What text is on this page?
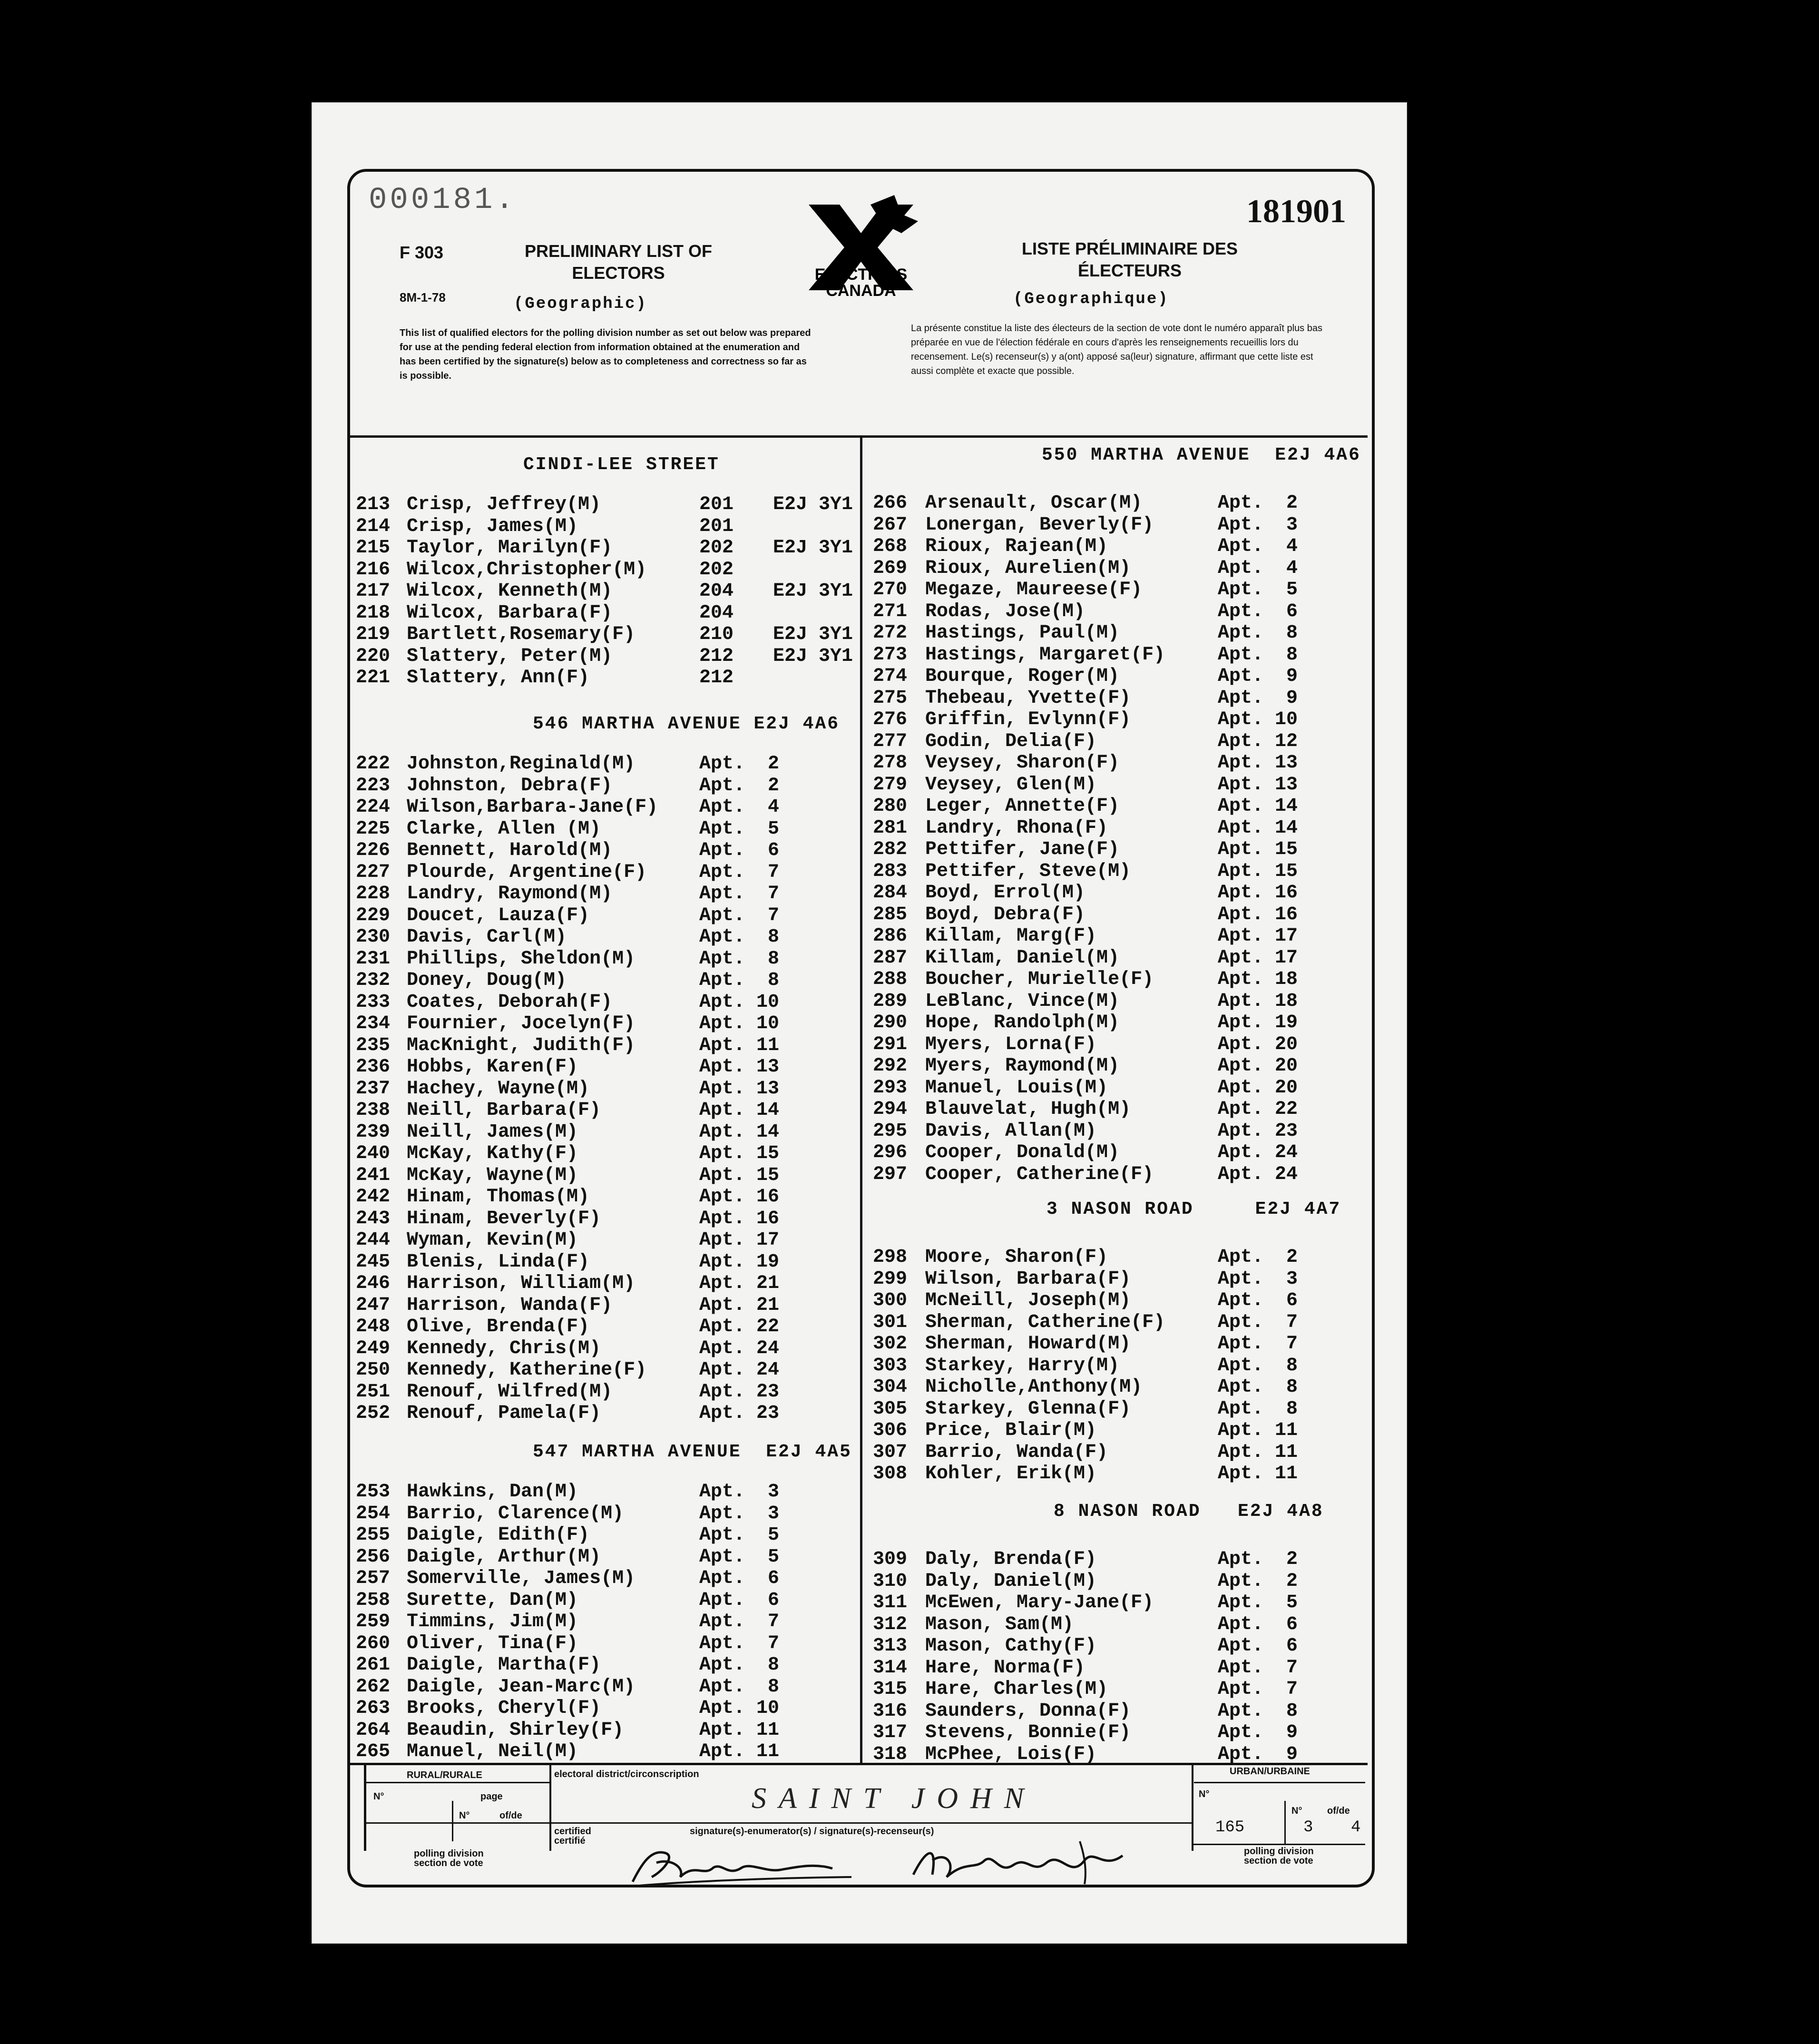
000181.	181901
F 303
8M-1-78
PRELIMINARY LIST OF ELECTORS
(Geographic)
LISTE PRÉLIMINAIRE DES ÉLECTEURS
(Geographique)
This list of qualified electors for the polling division number as set out below was prepared for use at the pending federal election from information obtained at the enumeration and has been certified by the signature(s) below as to completeness and correctness so far as is possible.
La présente constitue la liste des électeurs de la section de vote dont le numéro apparaît plus bas préparée en vue de l'élection fédérale en cours d'après les renseignements recueillis lors du recensement. Le(s) recenseur(s) y a(ont) apposé sa(leur) signature, affirmant que cette liste est aussi complète et exacte que possible.
ELECTIONS CANADA
CINDI-LEE STREET
213 Crisp, Jeffrey(M)	201 E2J 3Y1
214 Crisp, James(M)	201
215 Taylor, Marilyn(F)	202 E2J 3Y1
216 Wilcox,Christopher(M)	202
217 Wilcox, Kenneth(M)	204 E2J 3Y1
218 Wilcox, Barbara(F)	204
219 Bartlett,Rosemary(F)	210 E2J 3Y1
220 Slattery, Peter(M)	212 E2J 3Y1
221 Slattery, Ann(F)	212
546 MARTHA AVENUE E2J 4A6
222 Johnston,Reginald(M)	Apt.  2
223 Johnston, Debra(F)	Apt.  2
224 Wilson,Barbara-Jane(F) Apt.  4
225 Clarke, Allen (M)	Apt.  5
226 Bennett, Harold(M)	Apt.  6
227 Plourde, Argentine(F)	Apt.  7
228 Landry, Raymond(M)	Apt.  7
229 Doucet, Lauza(F)	Apt.  7
230 Davis, Carl(M)	Apt.  8
231 Phillips, Sheldon(M)	Apt.  8
232 Doney, Doug(M)	Apt.  8
233 Coates, Deborah(F)	Apt. 10
234 Fournier, Jocelyn(F)	Apt. 10
235 MacKnight, Judith(F)	Apt. 11
236 Hobbs, Karen(F)	Apt. 13
237 Hachey, Wayne(M)	Apt. 13
238 Neill, Barbara(F)	Apt. 14
239 Neill, James(M)	Apt. 14
240 McKay, Kathy(F)	Apt. 15
241 McKay, Wayne(M)	Apt. 15
242 Hinam, Thomas(M)	Apt. 16
243 Hinam, Beverly(F)	Apt. 16
244 Wyman, Kevin(M)	Apt. 17
245 Blenis, Linda(F)	Apt. 19
246 Harrison, William(M)	Apt. 21
247 Harrison, Wanda(F)	Apt. 21
248 Olive, Brenda(F)	Apt. 22
249 Kennedy, Chris(M)	Apt. 24
250 Kennedy, Katherine(F)	Apt. 24
251 Renouf, Wilfred(M)	Apt. 23
252 Renouf, Pamela(F)	Apt. 23
547 MARTHA AVENUE  E2J 4A5
253 Hawkins, Dan(M)	Apt.  3
254 Barrio, Clarence(M)	Apt.  3
255 Daigle, Edith(F)	Apt.  5
256 Daigle, Arthur(M)	Apt.  5
257 Somerville, James(M)	Apt.  6
258 Surette, Dan(M)	Apt.  6
259 Timmins, Jim(M)	Apt.  7
260 Oliver, Tina(F)	Apt.  7
261 Daigle, Martha(F)	Apt.  8
262 Daigle, Jean-Marc(M)	Apt.  8
263 Brooks, Cheryl(F)	Apt. 10
264 Beaudin, Shirley(F)	Apt. 11
265 Manuel, Neil(M)	Apt. 11
550 MARTHA AVENUE  E2J 4A6
266 Arsenault, Oscar(M)	Apt.  2
267 Lonergan, Beverly(F)	Apt.  3
268 Rioux, Rajean(M)	Apt.  4
269 Rioux, Aurelien(M)	Apt.  4
270 Megaze, Maureese(F)	Apt.  5
271 Rodas, Jose(M)	Apt.  6
272 Hastings, Paul(M)	Apt.  8
273 Hastings, Margaret(F)	Apt.  8
274 Bourque, Roger(M)	Apt.  9
275 Thebeau, Yvette(F)	Apt.  9
276 Griffin, Evlynn(F)	Apt. 10
277 Godin, Delia(F)	Apt. 12
278 Veysey, Sharon(F)	Apt. 13
279 Veysey, Glen(M)	Apt. 13
280 Leger, Annette(F)	Apt. 14
281 Landry, Rhona(F)	Apt. 14
282 Pettifer, Jane(F)	Apt. 15
283 Pettifer, Steve(M)	Apt. 15
284 Boyd, Errol(M)	Apt. 16
285 Boyd, Debra(F)	Apt. 16
286 Killam, Marg(F)	Apt. 17
287 Killam, Daniel(M)	Apt. 17
288 Boucher, Murielle(F)	Apt. 18
289 LeBlanc, Vince(M)	Apt. 18
290 Hope, Randolph(M)	Apt. 19
291 Myers, Lorna(F)	Apt. 20
292 Myers, Raymond(M)	Apt. 20
293 Manuel, Louis(M)	Apt. 20
294 Blauvelat, Hugh(M)	Apt. 22
295 Davis, Allan(M)	Apt. 23
296 Cooper, Donald(M)	Apt. 24
297 Cooper, Catherine(F)	Apt. 24
3 NASON ROAD     E2J 4A7
298 Moore, Sharon(F)	Apt.  2
299 Wilson, Barbara(F)	Apt.  3
300 McNeill, Joseph(M)	Apt.  6
301 Sherman, Catherine(F)	Apt.  7
302 Sherman, Howard(M)	Apt.  7
303 Starkey, Harry(M)	Apt.  8
304 Nicholle,Anthony(M)	Apt.  8
305 Starkey, Glenna(F)	Apt.  8
306 Price, Blair(M)	Apt. 11
307 Barrio, Wanda(F)	Apt. 11
308 Kohler, Erik(M)	Apt. 11
8 NASON ROAD   E2J 4A8
309 Daly, Brenda(F)	Apt.  2
310 Daly, Daniel(M)	Apt.  2
311 McEwen, Mary-Jane(F)	Apt.  5
312 Mason, Sam(M)	Apt.  6
313 Mason, Cathy(F)	Apt.  6
314 Hare, Norma(F)	Apt.  7
315 Hare, Charles(M)	Apt.  7
316 Saunders, Donna(F)	Apt.  8
317 Stevens, Bonnie(F)	Apt.  9
318 McPhee, Lois(F)	Apt.  9
RURAL/RURALE
N°	page
N°	of/de
polling division
section de vote
electoral district/circonscription
SAINT JOHN
certified
certifié
signature(s)-enumerator(s) / signature(s)-recenseur(s)
URBAN/URBAINE
N°
N°	of/de
165	3 4
polling division
section de vote
